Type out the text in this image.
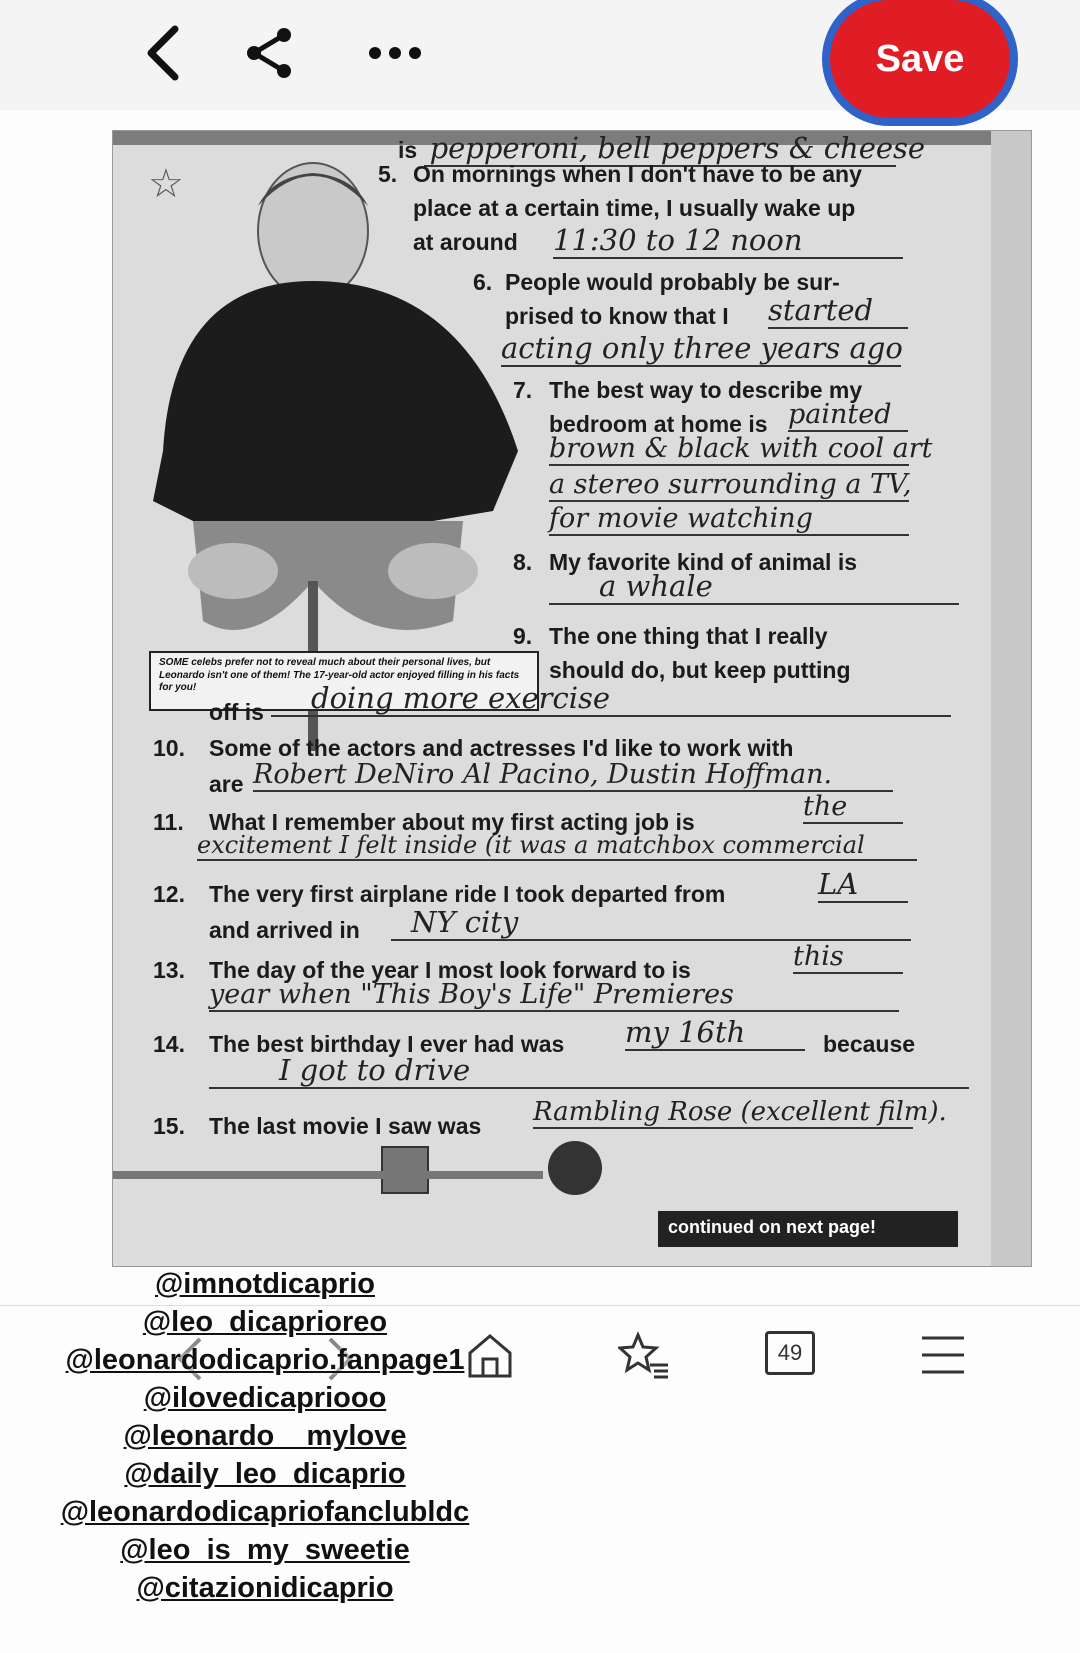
Save
☆
SOME celebs prefer not to reveal much about their personal lives, but Leonardo isn't one of them! The 17-year-old actor enjoyed filling in his facts for you!
is pepperoni, bell peppers & cheese
5. On mornings when I don't have to be any
place at a certain time, I usually wake up
at around 11:30 to 12 noon
6. People would probably be sur-
prised to know that I started
acting only three years ago
7. The best way to describe my
bedroom at home is painted
brown & black with cool art
a stereo surrounding a TV,
for movie watching
8. My favorite kind of animal is
a whale
9. The one thing that I really
should do, but keep putting
off is	doing more exercise
10. Some of the actors and actresses I'd like to work with
are Robert DeNiro Al Pacino, Dustin Hoffman.
11. What I remember about my first acting job is	the
excitement I felt inside (it was a matchbox commercial
12. The very first airplane ride I took departed from	LA
and arrived in	NY city
13. The day of the year I most look forward to is	this
year when "This Boy's Life" Premieres
14. The best birthday I ever had was my 16th	because
I got to drive
15. The last movie I saw was Rambling Rose (excellent film).
continued on next page!
49
@imnotdicaprio
@leo_dicaprioreo
@leonardodicaprio.fanpage1
@ilovedicapriooo
@leonardo__mylove
@daily_leo_dicaprio
@leonardodicapriofanclubldc
@leo_is_my_sweetie
@citazionidicaprio
